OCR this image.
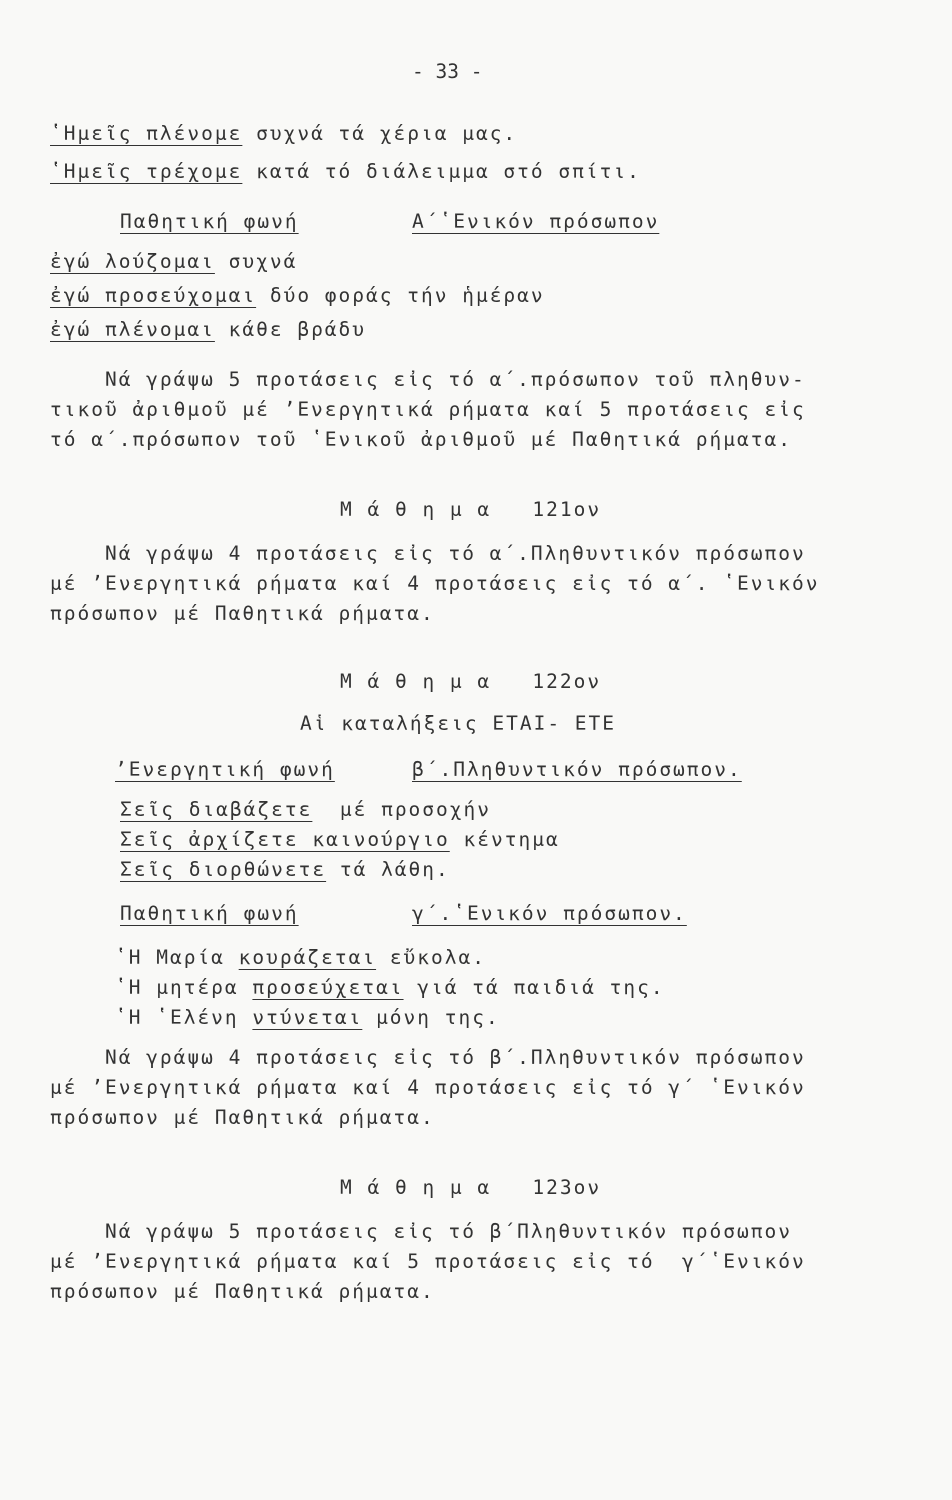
- 33 -
ʽΗμεῖς πλένομε συχνά τά χέρια μας.
ʽΗμεῖς τρέχομε κατά τό διάλειμμα στό σπίτι.
Παθητική φωνή	Α΄ʽΕνικόν πρόσωπον
ἐγώ λούζομαι συχνά
ἐγώ προσεύχομαι δύο φοράς τήν ἡμέραν
ἐγώ πλένομαι κάθε βράδυ
Νά γράψω 5 προτάσεις εἰς τό α΄.πρόσωπον τοῦ πληθυν-
τικοῦ ἀριθμοῦ μέ ʼΕνεργητικά ρήματα καί 5 προτάσεις εἰς
τό α΄.πρόσωπον τοῦ ʽΕνικοῦ ἀριθμοῦ μέ Παθητικά ρήματα.
Μ ά θ η μ α   121ον
Νά γράψω 4 προτάσεις εἰς τό α΄.Πληθυντικόν πρόσωπον
μέ ʼΕνεργητικά ρήματα καί 4 προτάσεις εἰς τό α΄. ʽΕνικόν
πρόσωπον μέ Παθητικά ρήματα.
Μ ά θ η μ α   122ον
Αἱ καταλήξεις ΕΤΑΙ- ΕΤΕ
ʼΕνεργητική φωνή	β΄.Πληθυντικόν πρόσωπον.
Σεῖς διαβάζετε  μέ προσοχήν
Σεῖς ἀρχίζετε καινούργιο κέντημα
Σεῖς διορθώνετε τά λάθη.
Παθητική φωνή	γ΄.ʽΕνικόν πρόσωπον.
ʽΗ Μαρία κουράζεται εὔκολα.
ʽΗ μητέρα προσεύχεται γιά τά παιδιά της.
ʽΗ ʽΕλένη ντύνεται μόνη της.
Νά γράψω 4 προτάσεις εἰς τό β΄.Πληθυντικόν πρόσωπον
μέ ʼΕνεργητικά ρήματα καί 4 προτάσεις εἰς τό γ΄ ʽΕνικόν
πρόσωπον μέ Παθητικά ρήματα.
Μ ά θ η μ α   123ον
Νά γράψω 5 προτάσεις εἰς τό β΄Πληθυντικόν πρόσωπον
μέ ʼΕνεργητικά ρήματα καί 5 προτάσεις εἰς τό  γ΄ʽΕνικόν
πρόσωπον μέ Παθητικά ρήματα.
